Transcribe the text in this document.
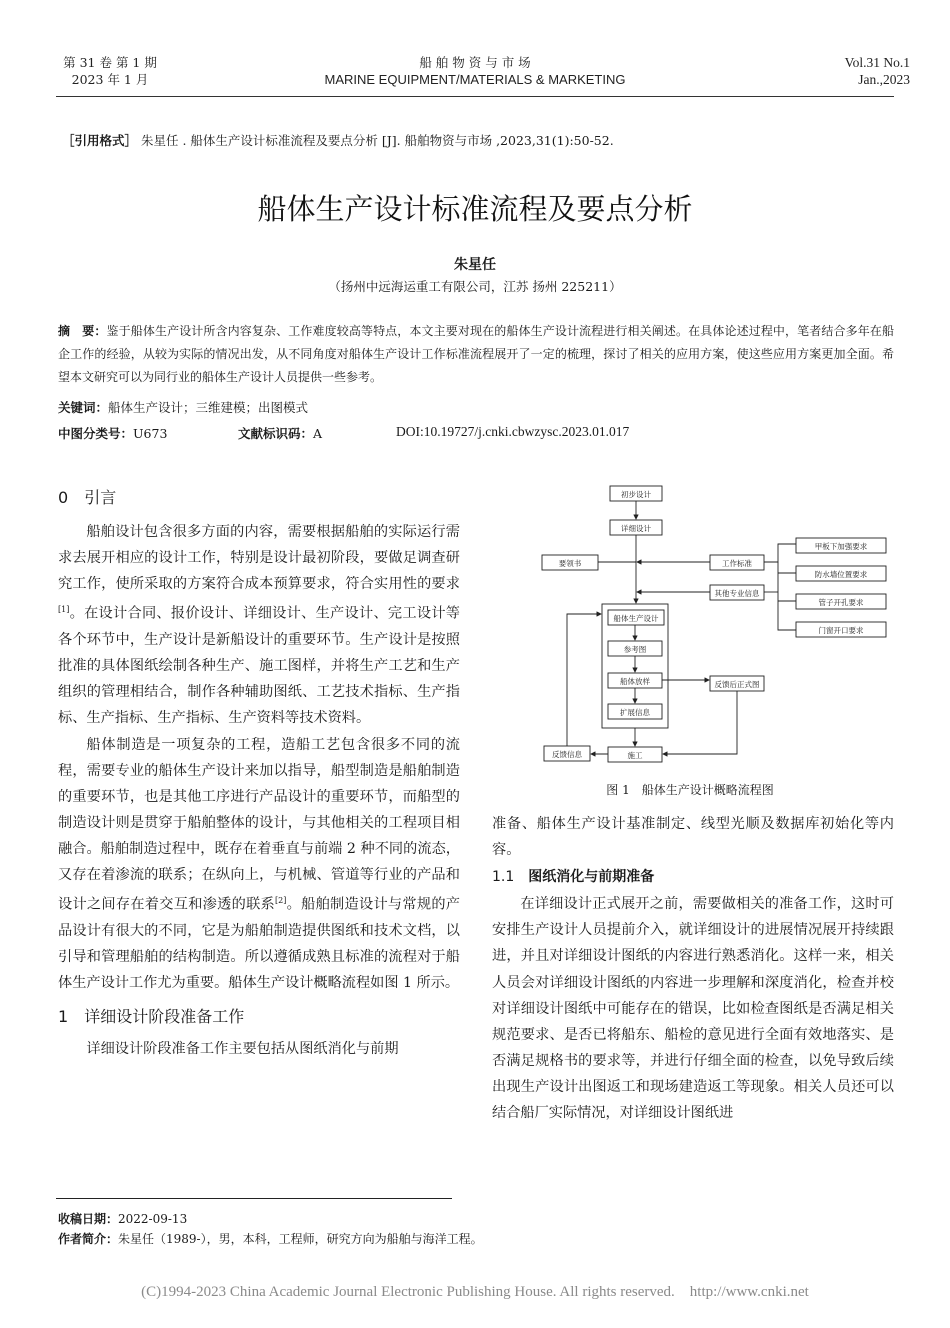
第 31 卷 第 1 期
2023 年 1 月
船 舶 物 资 与 市 场
MARINE EQUIPMENT/MATERIALS & MARKETING
Vol.31 No.1
Jan.,2023
［引用格式］ 朱星任 . 船体生产设计标准流程及要点分析 [J]. 船舶物资与市场 ,2023,31(1):50-52.
船体生产设计标准流程及要点分析
朱星任
（扬州中远海运重工有限公司，江苏 扬州 225211）
摘　要：鉴于船体生产设计所含内容复杂、工作难度较高等特点，本文主要对现在的船体生产设计流程进行相关阐述。在具体论述过程中，笔者结合多年在船企工作的经验，从较为实际的情况出发，从不同角度对船体生产设计工作标准流程展开了一定的梳理，探讨了相关的应用方案，使这些应用方案更加全面。希望本文研究可以为同行业的船体生产设计人员提供一些参考。
关键词：船体生产设计；三维建模；出图模式
中图分类号：U673	文献标识码：A	DOI:10.19727/j.cnki.cbwzysc.2023.01.017
0　 引言

船舶设计包含很多方面的内容，需要根据船舶的实际运行需求去展开相应的设计工作，特别是设计最初阶段，要做足调查研究工作，使所采取的方案符合成本预算要求，符合实用性的要求[1]。在设计合同、报价设计、详细设计、生产设计、完工设计等各个环节中，生产设计是新船设计的重要环节。生产设计是按照批准的具体图纸绘制各种生产、施工图样，并将生产工艺和生产组织的管理相结合，制作各种辅助图纸、工艺技术指标、生产指标、生产指标、生产指标、生产资料等技术资料。

船体制造是一项复杂的工程，造船工艺包含很多不同的流程，需要专业的船体生产设计来加以指导，船型制造是船舶制造的重要环节，也是其他工序进行产品设计的重要环节，而船型的制造设计则是贯穿于船舶整体的设计，与其他相关的工程项目相融合。船舶制造过程中，既存在着垂直与前端 2 种不同的流态，又存在着渗流的联系；在纵向上，与机械、管道等行业的产品和设计之间存在着交互和渗透的联系[2]。船舶制造设计与常规的产品设计有很大的不同，它是为船舶制造提供图纸和技术文档，以引导和管理船舶的结构制造。所以遵循成熟且标准的流程对于船体生产设计工作尤为重要。船体生产设计概略流程如图 1 所示。

1　 详细设计阶段准备工作

详细设计阶段准备工作主要包括从图纸消化与前期

初步设计
详细设计
要领书	工作标准
其他专业信息
甲板下加强要求
防水墙位置要求
管子开孔要求
门窗开口要求
船体生产设计
参考图
船体放样
扩展信息
反馈后正式图
反馈信息	施工
图 1　船体生产设计概略流程图

准备、船体生产设计基准制定、线型光顺及数据库初始化等内容。

1.1　 图纸消化与前期准备

在详细设计正式展开之前，需要做相关的准备工作，这时可安排生产设计人员提前介入，就详细设计的进展情况展开持续跟进，并且对详细设计图纸的内容进行熟悉消化。这样一来，相关人员会对详细设计图纸的内容进一步理解和深度消化，检查并校对详细设计图纸中可能存在的错误，比如检查图纸是否满足相关规范要求、是否已将船东、船检的意见进行全面有效地落实、是否满足规格书的要求等，并进行仔细全面的检查，以免导致后续出现生产设计出图返工和现场建造返工等现象。相关人员还可以结合船厂实际情况，对详细设计图纸进

收稿日期：2022-09-13
作者简介：朱星任（1989-），男，本科，工程师，研究方向为船舶与海洋工程。
(C)1994-2023 China Academic Journal Electronic Publishing House. All rights reserved.　http://www.cnki.net
